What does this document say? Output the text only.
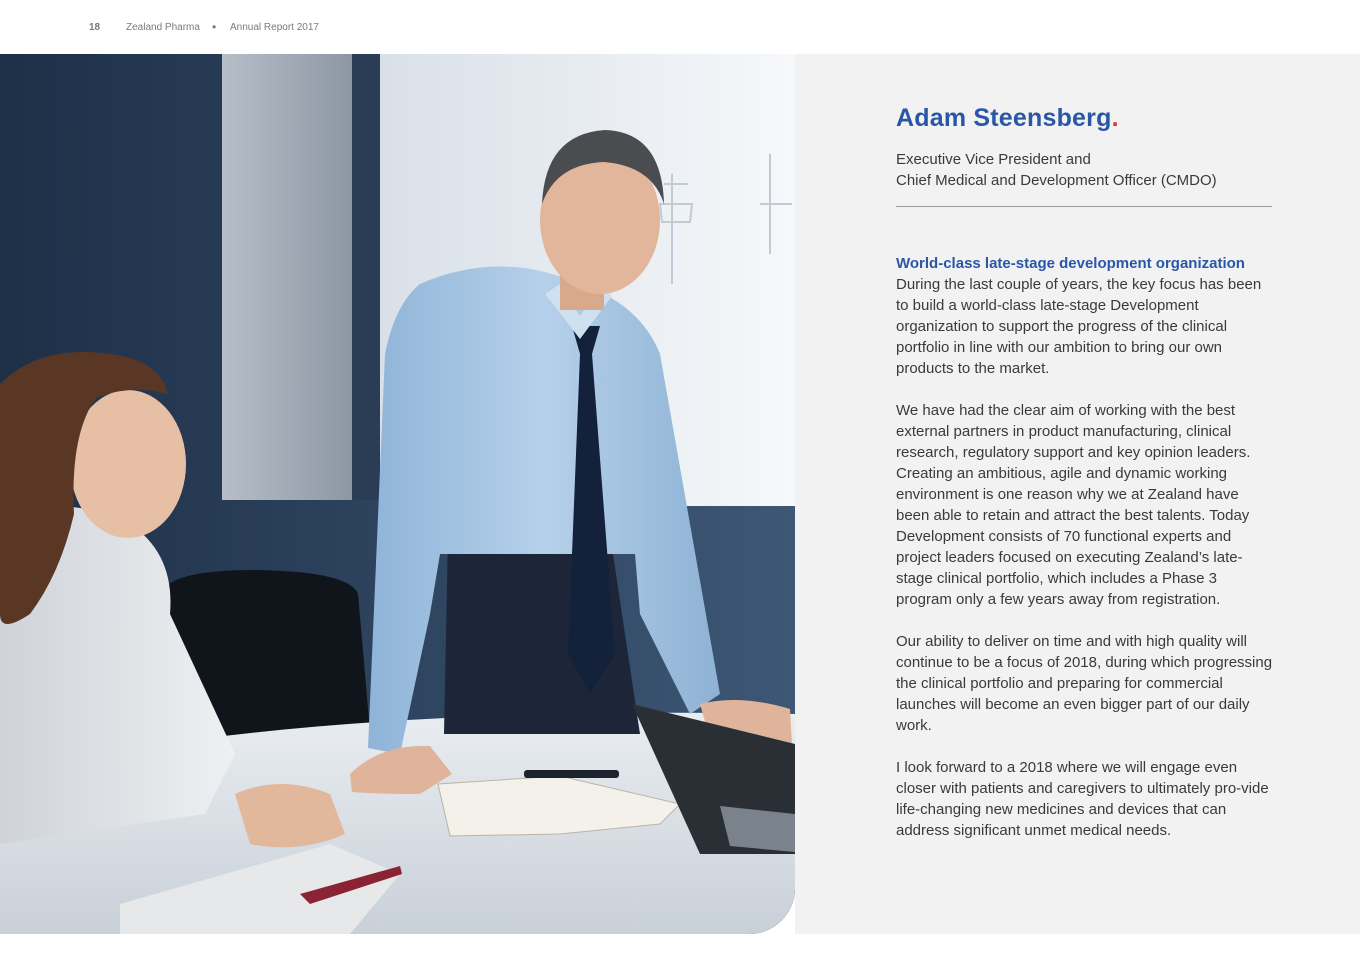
18	Zealand Pharma • Annual Report 2017
Adam Steensberg.
Executive Vice President and
Chief Medical and Development Officer (CMDO)
World-class late-stage development organization

During the last couple of years, the key focus has been to build a world-class late-stage Development organization to support the progress of the clinical portfolio in line with our ambition to bring our own products to the market.

We have had the clear aim of working with the best external partners in product manufacturing, clinical research, regulatory support and key opinion leaders. Creating an ambitious, agile and dynamic working environment is one reason why we at Zealand have been able to retain and attract the best talents. Today Development consists of 70 functional experts and project leaders focused on executing Zealand’s late-stage clinical portfolio, which includes a Phase 3 program only a few years away from registration.

Our ability to deliver on time and with high quality will continue to be a focus of 2018, during which progressing the clinical portfolio and preparing for commercial launches will become an even bigger part of our daily work.

I look forward to a 2018 where we will engage even closer with patients and caregivers to ultimately pro-vide life-changing new medicines and devices that can address significant unmet medical needs.
